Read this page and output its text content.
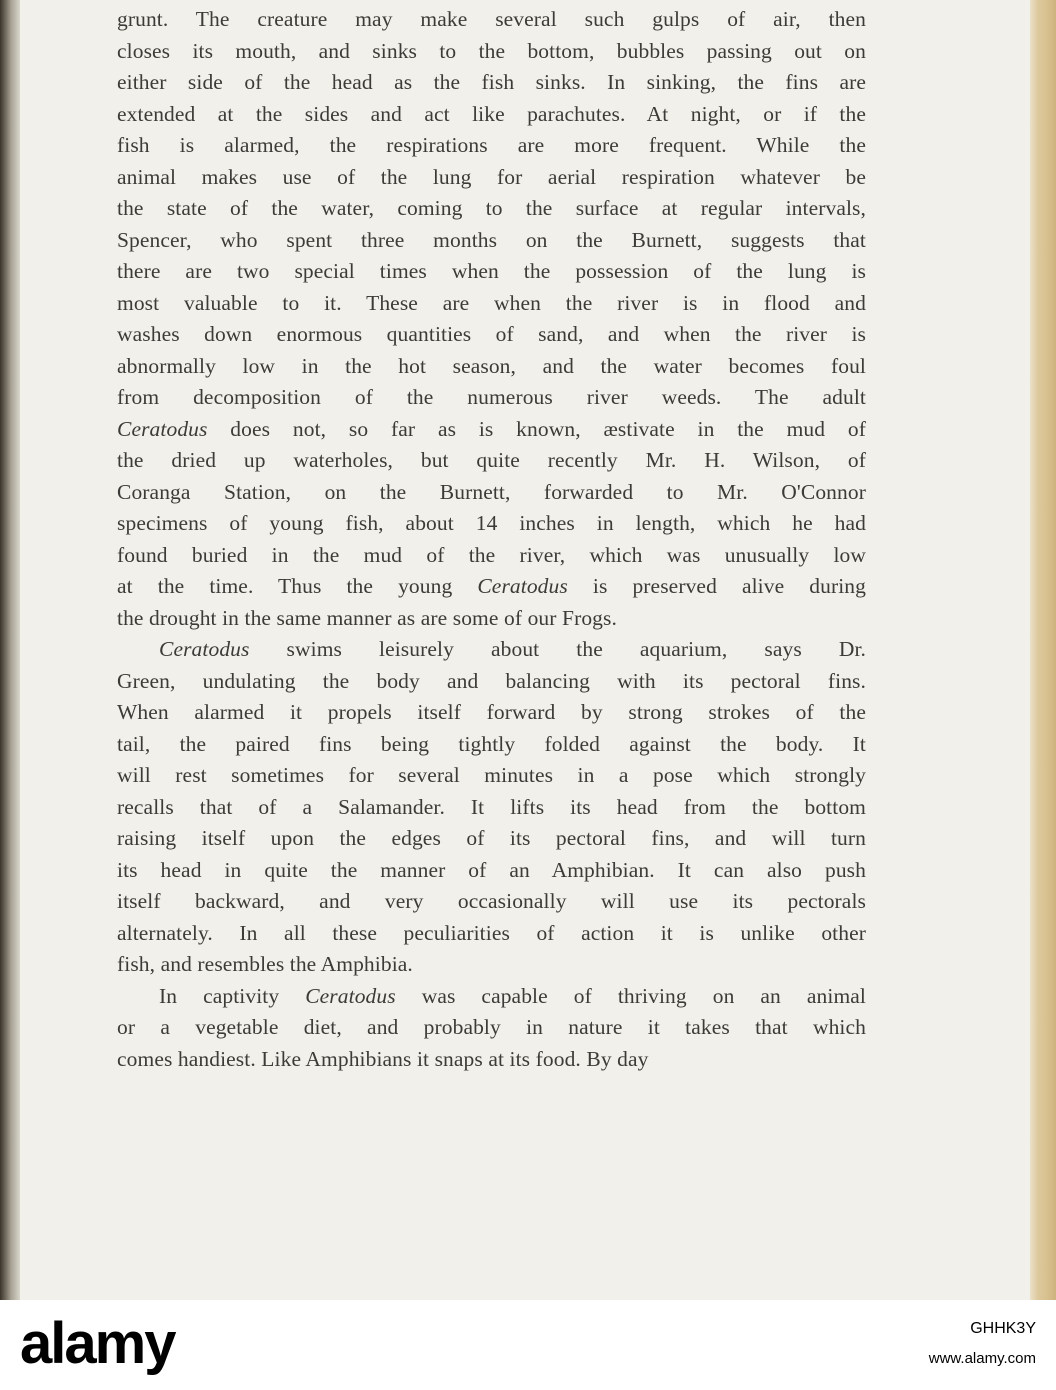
grunt. The creature may make several such gulps of air, then
closes its mouth, and sinks to the bottom, bubbles passing out on
either side of the head as the fish sinks. In sinking, the fins are
extended at the sides and act like parachutes. At night, or if the
fish is alarmed, the respirations are more frequent. While the
animal makes use of the lung for aerial respiration whatever be
the state of the water, coming to the surface at regular intervals,
Spencer, who spent three months on the Burnett, suggests that
there are two special times when the possession of the lung is
most valuable to it. These are when the river is in flood and
washes down enormous quantities of sand, and when the river is
abnormally low in the hot season, and the water becomes foul
from decomposition of the numerous river weeds. The adult
Ceratodus does not, so far as is known, æstivate in the mud of
the dried up waterholes, but quite recently Mr. H. Wilson, of
Coranga Station, on the Burnett, forwarded to Mr. O'Connor
specimens of young fish, about 14 inches in length, which he had
found buried in the mud of the river, which was unusually low
at the time. Thus the young Ceratodus is preserved alive during
the drought in the same manner as are some of our Frogs.
Ceratodus swims leisurely about the aquarium, says Dr.
Green, undulating the body and balancing with its pectoral fins.
When alarmed it propels itself forward by strong strokes of the
tail, the paired fins being tightly folded against the body. It
will rest sometimes for several minutes in a pose which strongly
recalls that of a Salamander. It lifts its head from the bottom
raising itself upon the edges of its pectoral fins, and will turn
its head in quite the manner of an Amphibian. It can also push
itself backward, and very occasionally will use its pectorals
alternately. In all these peculiarities of action it is unlike other
fish, and resembles the Amphibia.
In captivity Ceratodus was capable of thriving on an animal
or a vegetable diet, and probably in nature it takes that which
comes handiest. Like Amphibians it snaps at its food. By day
alamy	GHHK3Y
www.alamy.com
